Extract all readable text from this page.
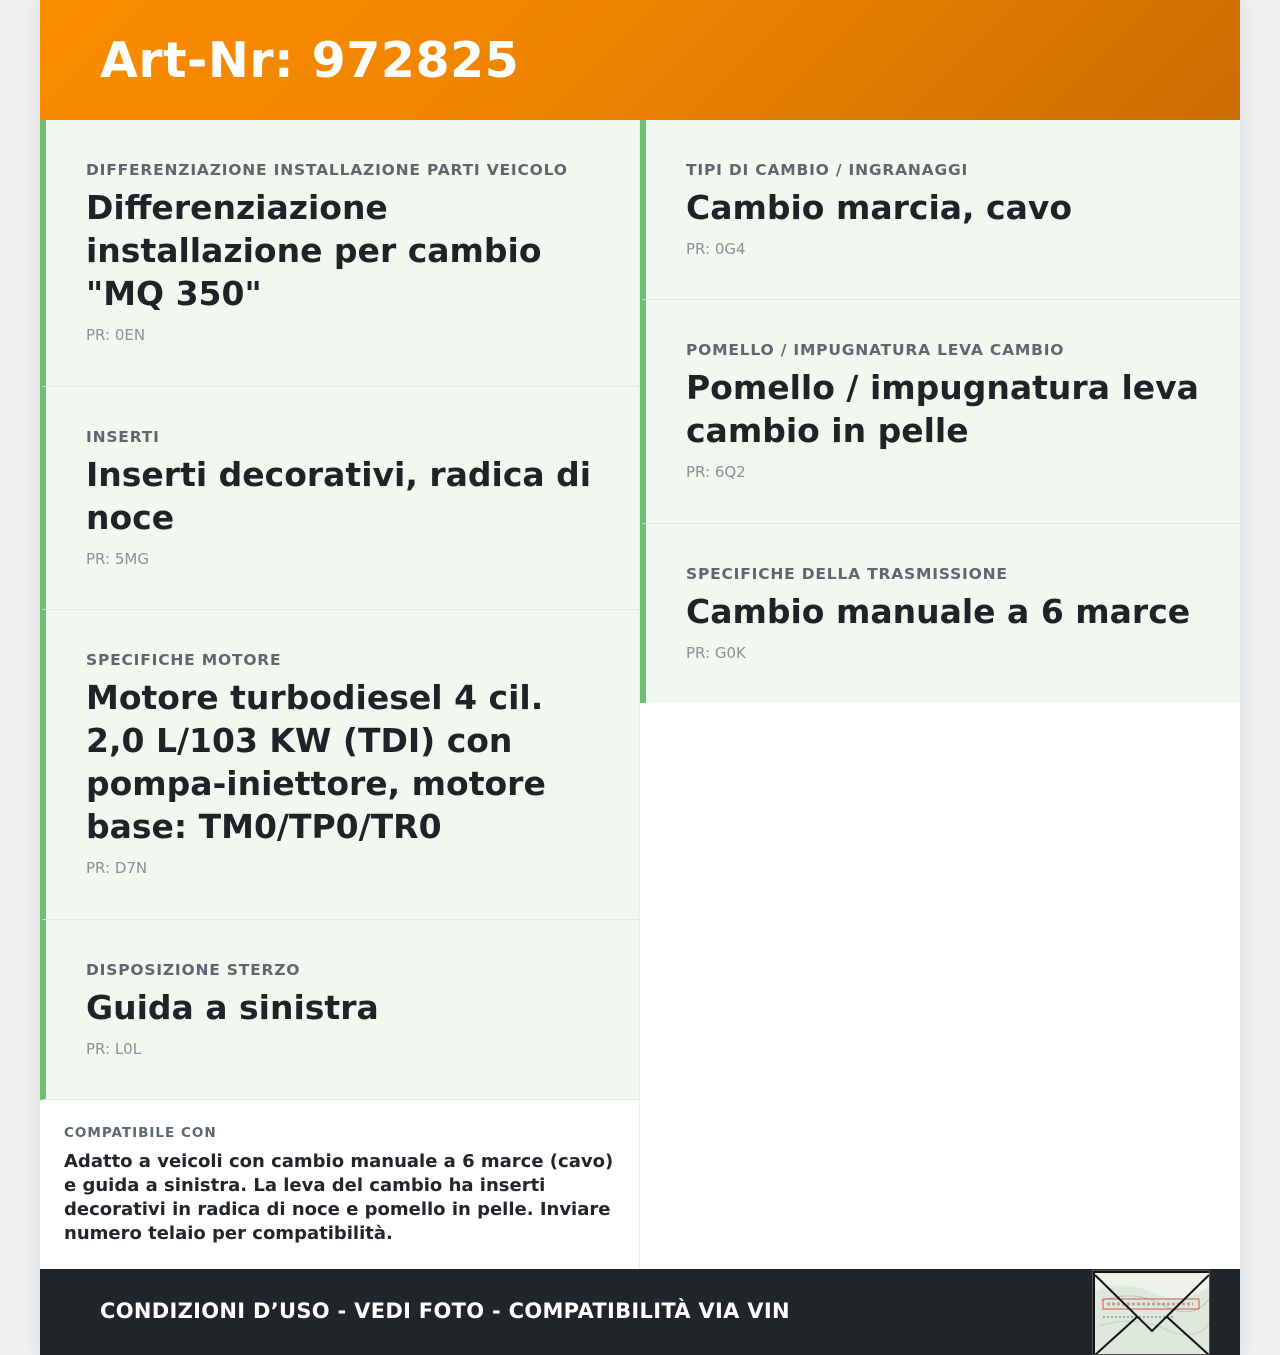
Art-Nr: 972825
DIFFERENZIAZIONE INSTALLAZIONE PARTI VEICOLO
Differenziazione installazione per cambio "MQ 350"
PR: 0EN
INSERTI
Inserti decorativi, radica di noce
PR: 5MG
SPECIFICHE MOTORE
Motore turbodiesel 4 cil. 2,0 L/103 KW (TDI) con pompa-iniettore, motore base: TM0/TP0/TR0
PR: D7N
DISPOSIZIONE STERZO
Guida a sinistra
PR: L0L
COMPATIBILE CON
Adatto a veicoli con cambio manuale a 6 marce (cavo) e guida a sinistra. La leva del cambio ha inserti decorativi in radica di noce e pomello in pelle. Inviare numero telaio per compatibilità.
TIPI DI CAMBIO / INGRANAGGI
Cambio marcia, cavo
PR: 0G4
POMELLO / IMPUGNATURA LEVA CAMBIO
Pomello / impugnatura leva cambio in pelle
PR: 6Q2
SPECIFICHE DELLA TRASMISSIONE
Cambio manuale a 6 marce
PR: G0K
CONDIZIONI D’USO - VEDI FOTO - COMPATIBILITÀ VIA VIN
